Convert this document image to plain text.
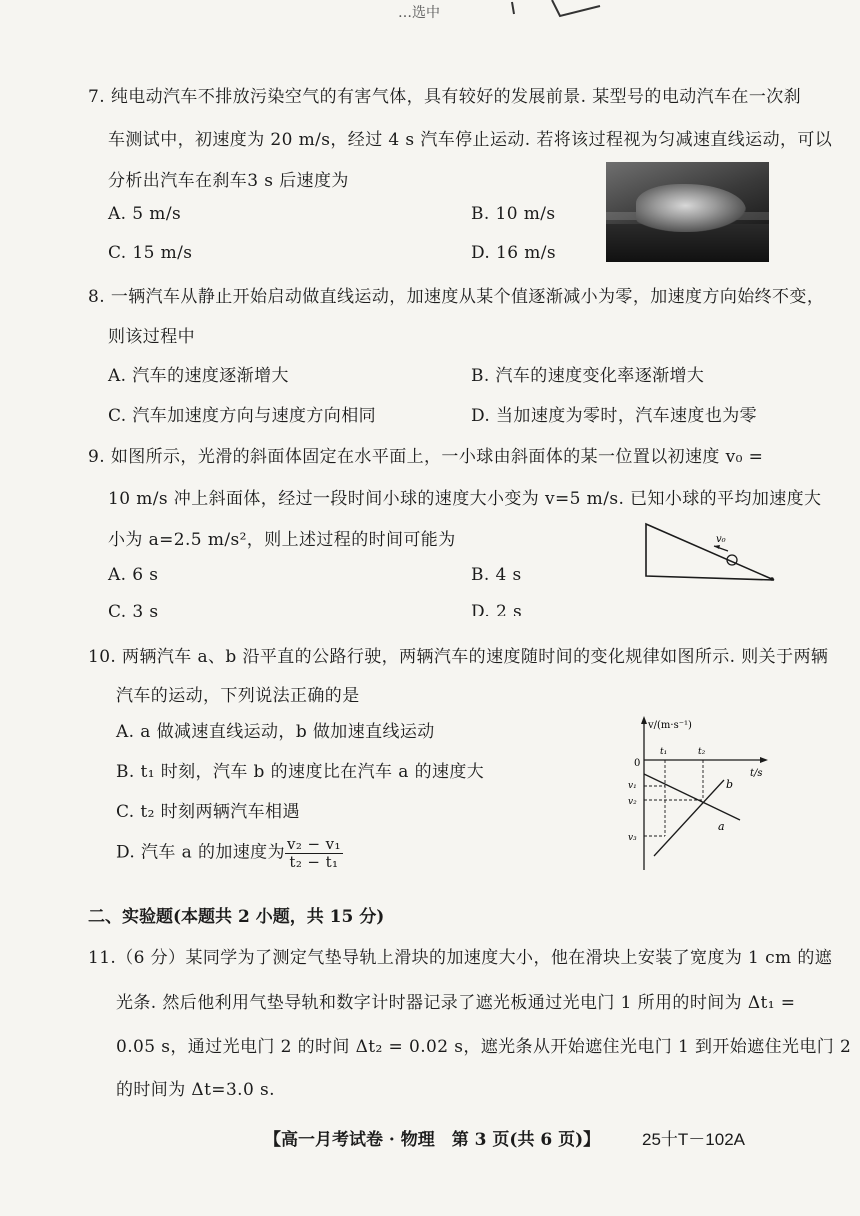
…选中
7. 纯电动汽车不排放污染空气的有害气体，具有较好的发展前景. 某型号的电动汽车在一次刹
车测试中，初速度为 20 m/s，经过 4 s 汽车停止运动. 若将该过程视为匀减速直线运动，可以
分析出汽车在刹车3 s 后速度为
A. 5 m/s	B. 10 m/s
C. 15 m/s	D. 16 m/s
8. 一辆汽车从静止开始启动做直线运动，加速度从某个值逐渐减小为零，加速度方向始终不变，
则该过程中
A. 汽车的速度逐渐增大	B. 汽车的速度变化率逐渐增大
C. 汽车加速度方向与速度方向相同	D. 当加速度为零时，汽车速度也为零
9. 如图所示，光滑的斜面体固定在水平面上，一小球由斜面体的某一位置以初速度 v₀ =
10 m/s 冲上斜面体，经过一段时间小球的速度大小变为 v=5 m/s. 已知小球的平均加速度大
小为 a=2.5 m/s²，则上述过程的时间可能为
A. 6 s	B. 4 s
C. 3 s	D. 2 s
v₀
10. 两辆汽车 a、b 沿平直的公路行驶，两辆汽车的速度随时间的变化规律如图所示. 则关于两辆
汽车的运动，下列说法正确的是
A. a 做减速直线运动，b 做加速直线运动
B. t₁ 时刻，汽车 b 的速度比在汽车 a 的速度大
C. t₂ 时刻两辆汽车相遇
D. 汽车 a 的加速度为 $\frac{\text{v₂ − v₁}}{\text{t₂ − t₁}}$
v/(m·s⁻¹)
t/s
0
t₁	t₂
v₁
v₂
v₃
a
b
二、实验题(本题共 2 小题，共 15 分)
11.（6 分）某同学为了测定气垫导轨上滑块的加速度大小，他在滑块上安装了宽度为 1 cm 的遮
光条. 然后他利用气垫导轨和数字计时器记录了遮光板通过光电门 1 所用的时间为 Δt₁ =
0.05 s，通过光电门 2 的时间 Δt₂ = 0.02 s，遮光条从开始遮住光电门 1 到开始遮住光电门 2
的时间为 Δt=3.0 s.
【高一月考试卷 · 物理　第 3 页(共 6 页)】 25十T－102A
